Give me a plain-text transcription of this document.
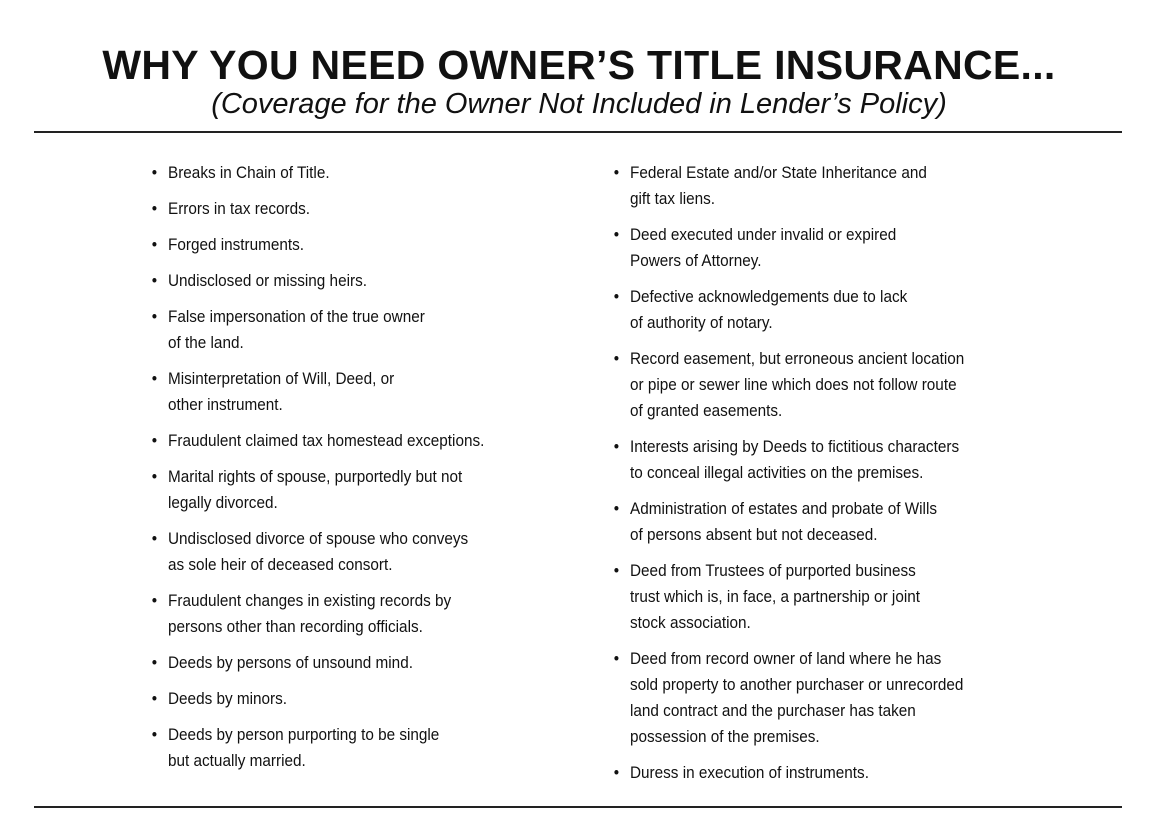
WHY YOU NEED OWNER’S TITLE INSURANCE...

(Coverage for the Owner Not Included in Lender’s Policy)

• Breaks in Chain of Title.
• Errors in tax records.
• Forged instruments.
• Undisclosed or missing heirs.
• False impersonation of the true owner
of the land.
• Misinterpretation of Will, Deed, or
other instrument.
• Fraudulent claimed tax homestead exceptions.
• Marital rights of spouse, purportedly but not
legally divorced.
• Undisclosed divorce of spouse who conveys
as sole heir of deceased consort.
• Fraudulent changes in existing records by
persons other than recording officials.
• Deeds by persons of unsound mind.
• Deeds by minors.
• Deeds by person purporting to be single
but actually married.
• Federal Estate and/or State Inheritance and
gift tax liens.
• Deed executed under invalid or expired
Powers of Attorney.
• Defective acknowledgements due to lack
of authority of notary.
• Record easement, but erroneous ancient location
or pipe or sewer line which does not follow route
of granted easements.
• Interests arising by Deeds to fictitious characters
to conceal illegal activities on the premises.
• Administration of estates and probate of Wills
of persons absent but not deceased.
• Deed from Trustees of purported business
trust which is, in face, a partnership or joint
stock association.
• Deed from record owner of land where he has
sold property to another purchaser or unrecorded
land contract and the purchaser has taken
possession of the premises.
• Duress in execution of instruments.
